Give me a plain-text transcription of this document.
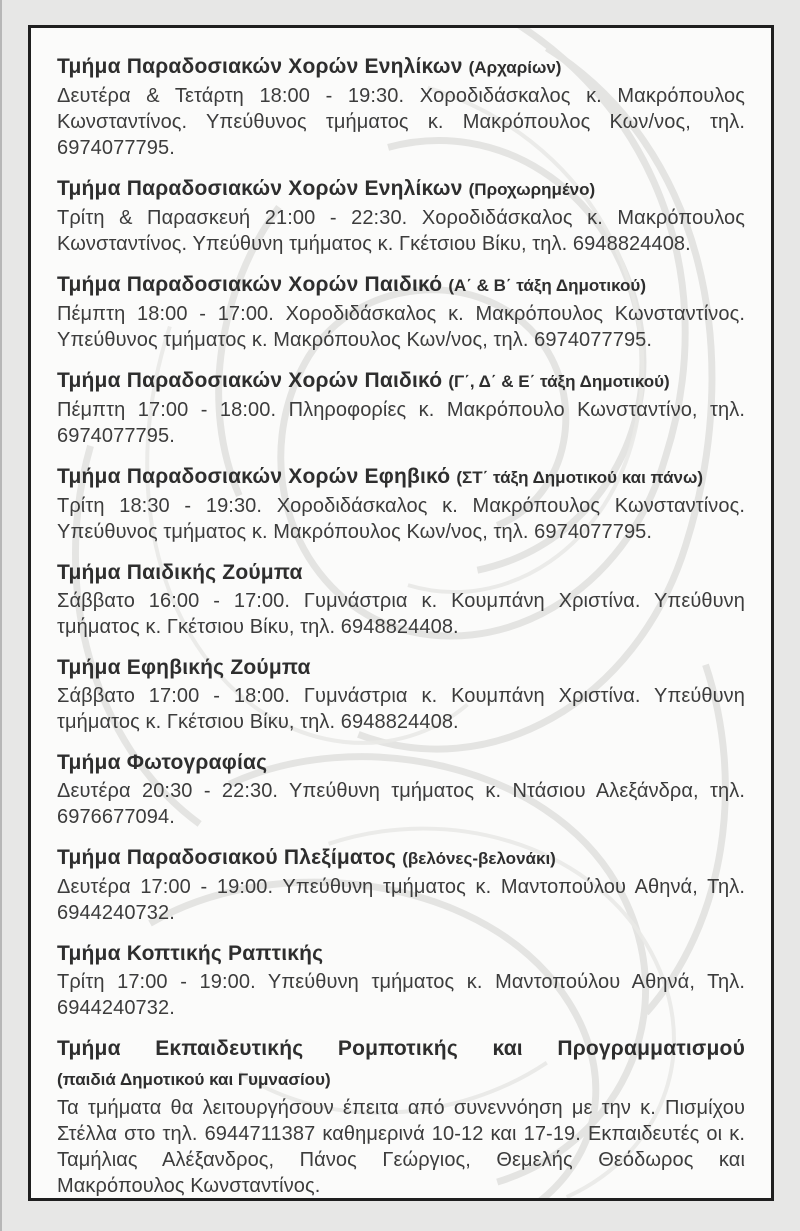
Τμήμα Παραδοσιακών Χορών Ενηλίκων (Αρχαρίων)

Δευτέρα & Τετάρτη 18:00 - 19:30. Χοροδιδάσκαλος κ. Μακρόπουλος Κωνσταντίνος. Υπεύθυνος τμήματος κ. Μακρόπουλος Κων/νος, τηλ. 6974077795.

Τμήμα Παραδοσιακών Χορών Ενηλίκων (Προχωρημένο)

Τρίτη & Παρασκευή 21:00 - 22:30. Χοροδιδάσκαλος κ. Μακρόπουλος Κωνσταντίνος. Υπεύθυνη τμήματος κ. Γκέτσιου Βίκυ, τηλ. 6948824408.

Τμήμα Παραδοσιακών Χορών Παιδικό (Α΄ & Β΄ τάξη Δημοτικού)

Πέμπτη 18:00 - 17:00. Χοροδιδάσκαλος κ. Μακρόπουλος Κωνσταντίνος. Υπεύθυνος τμήματος κ. Μακρόπουλος Κων/νος, τηλ. 6974077795.

Τμήμα Παραδοσιακών Χορών Παιδικό (Γ΄, Δ΄ & Ε΄ τάξη Δημοτικού)

Πέμπτη 17:00 - 18:00. Πληροφορίες κ. Μακρόπουλο Κωνσταντίνο, τηλ. 6974077795.

Τμήμα Παραδοσιακών Χορών Εφηβικό (ΣΤ΄ τάξη Δημοτικού και πάνω)

Τρίτη 18:30 - 19:30. Χοροδιδάσκαλος κ. Μακρόπουλος Κωνσταντίνος. Υπεύθυνος τμήματος κ. Μακρόπουλος Κων/νος, τηλ. 6974077795.

Τμήμα Παιδικής Ζούμπα

Σάββατο 16:00 - 17:00. Γυμνάστρια κ. Κουμπάνη Χριστίνα. Υπεύθυνη τμήματος κ. Γκέτσιου Βίκυ, τηλ. 6948824408.

Τμήμα Εφηβικής Ζούμπα

Σάββατο 17:00 - 18:00. Γυμνάστρια κ. Κουμπάνη Χριστίνα. Υπεύθυνη τμήματος κ. Γκέτσιου Βίκυ, τηλ. 6948824408.

Τμήμα Φωτογραφίας

Δευτέρα 20:30 - 22:30. Υπεύθυνη τμήματος κ. Ντάσιου Αλεξάνδρα, τηλ. 6976677094.

Τμήμα Παραδοσιακού Πλεξίματος (βελόνες-βελονάκι)

Δευτέρα 17:00 - 19:00. Υπεύθυνη τμήματος κ. Μαντοπούλου Αθηνά, Τηλ. 6944240732.

Τμήμα Κοπτικής Ραπτικής

Τρίτη 17:00 - 19:00. Υπεύθυνη τμήματος κ. Μαντοπούλου Αθηνά, Τηλ. 6944240732.

Τμήμα Εκπαιδευτικής Ρομποτικής και Προγραμματισμού (παιδιά Δημοτικού και Γυμνασίου)

Τα τμήματα θα λειτουργήσουν έπειτα από συνεννόηση με την κ. Πισμίχου Στέλλα στο τηλ. 6944711387 καθημερινά 10-12 και 17-19. Εκπαιδευτές οι κ. Ταμήλιας Αλέξανδρος, Πάνος Γεώργιος, Θεμελής Θεόδωρος και Μακρόπουλος Κωνσταντίνος.
